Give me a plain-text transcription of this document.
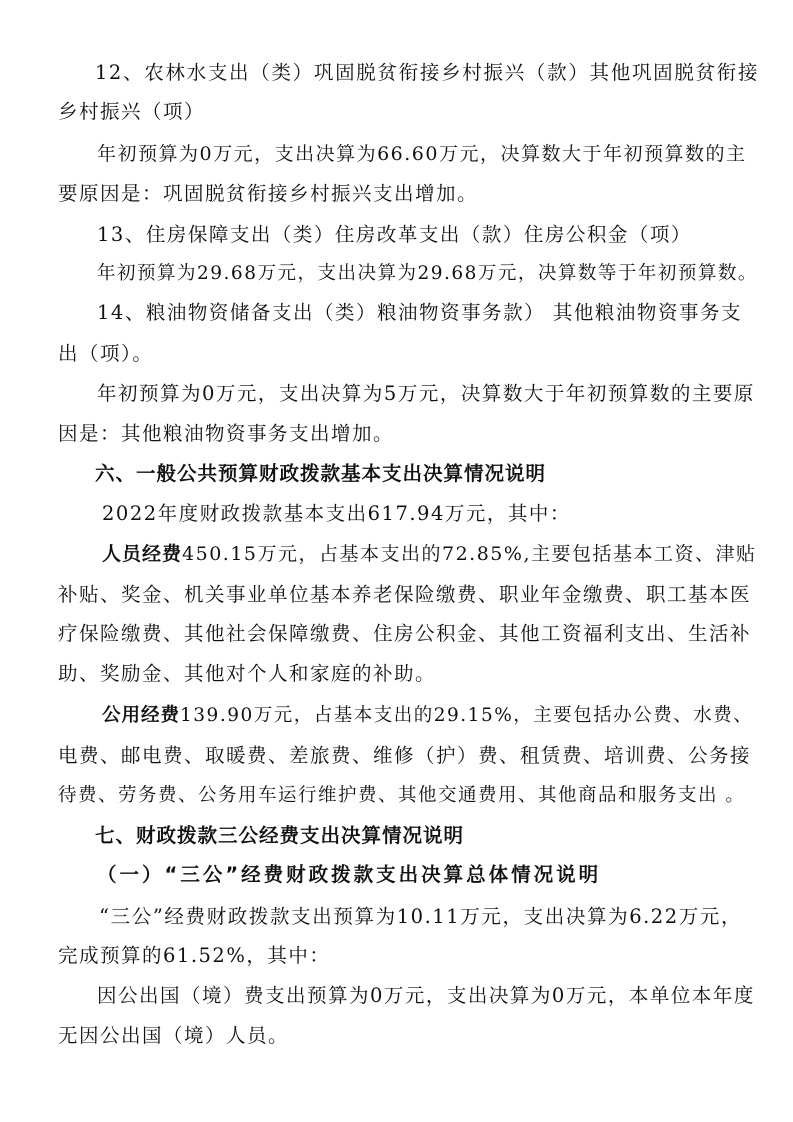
12、农林水支出（类）巩固脱贫衔接乡村振兴（款）其他巩固脱贫衔接
乡村振兴（项）
年初预算为0万元，支出决算为66.60万元，决算数大于年初预算数的主
要原因是：巩固脱贫衔接乡村振兴支出增加。
13、住房保障支出（类）住房改革支出（款）住房公积金（项）
年初预算为29.68万元，支出决算为29.68万元，决算数等于年初预算数。
14、粮油物资储备支出（类）粮油物资事务款） 其他粮油物资事务支
出（项）。
年初预算为0万元，支出决算为5万元，决算数大于年初预算数的主要原
因是：其他粮油物资事务支出增加。
六、一般公共预算财政拨款基本支出决算情况说明
2022年度财政拨款基本支出617.94万元，其中：
人员经费450.15万元，占基本支出的72.85%,主要包括基本工资、津贴
补贴、奖金、机关事业单位基本养老保险缴费、职业年金缴费、职工基本医
疗保险缴费、其他社会保障缴费、住房公积金、其他工资福利支出、生活补
助、奖励金、其他对个人和家庭的补助。
公用经费139.90万元，占基本支出的29.15%，主要包括办公费、水费、
电费、邮电费、取暖费、差旅费、维修（护）费、租赁费、培训费、公务接
待费、劳务费、公务用车运行维护费、其他交通费用、其他商品和服务支出 。
七、财政拨款三公经费支出决算情况说明
（一）“三公”经费财政拨款支出决算总体情况说明
“三公”经费财政拨款支出预算为10.11万元，支出决算为6.22万元，
完成预算的61.52%，其中：
因公出国（境）费支出预算为0万元，支出决算为0万元，本单位本年度
无因公出国（境）人员。
